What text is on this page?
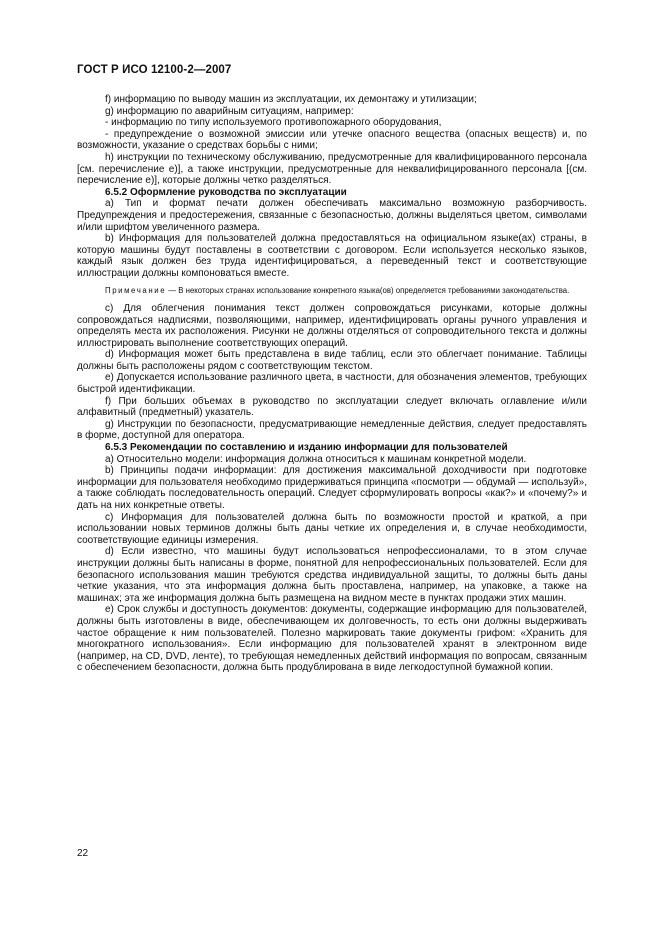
ГОСТ Р ИСО 12100-2—2007

f) информацию по выводу машин из эксплуатации, их демонтажу и утилизации;

g) информацию по аварийным ситуациям, например:

- информацию по типу используемого противопожарного оборудования,

- предупреждение о возможной эмиссии или утечке опасного вещества (опасных веществ) и, по возможности, указание о средствах борьбы с ними;

h) инструкции по техническому обслуживанию, предусмотренные для квалифицированного персонала [см. перечисление е)], а также инструкции, предусмотренные для неквалифицированного персонала [(см. перечисление е)], которые должны четко разделяться.

6.5.2 Оформление руководства по эксплуатации

a) Тип и формат печати должен обеспечивать максимально возможную разборчивость. Предупреждения и предостережения, связанные с безопасностью, должны выделяться цветом, символами и/или шрифтом увеличенного размера.

b) Информация для пользователей должна предоставляться на официальном языке(ах) страны, в которую машины будут поставлены в соответствии с договором. Если используется несколько языков, каждый язык должен без труда идентифицироваться, а переведенный текст и соответствующие иллюстрации должны компоноваться вместе.

Примечание — В некоторых странах использование конкретного языка(ов) определяется требованиями законодательства.

c) Для облегчения понимания текст должен сопровождаться рисунками, которые должны сопровождаться надписями, позволяющими, например, идентифицировать органы ручного управления и определять места их расположения. Рисунки не должны отделяться от сопроводительного текста и должны иллюстрировать выполнение соответствующих операций.

d) Информация может быть представлена в виде таблиц, если это облегчает понимание. Таблицы должны быть расположены рядом с соответствующим текстом.

e) Допускается использование различного цвета, в частности, для обозначения элементов, требующих быстрой идентификации.

f) При больших объемах в руководство по эксплуатации следует включать оглавление и/или алфавитный (предметный) указатель.

g) Инструкции по безопасности, предусматривающие немедленные действия, следует предоставлять в форме, доступной для оператора.

6.5.3 Рекомендации по составлению и изданию информации для пользователей

a) Относительно модели: информация должна относиться к машинам конкретной модели.

b) Принципы подачи информации: для достижения максимальной доходчивости при подготовке информации для пользователя необходимо придерживаться принципа «посмотри — обдумай — используй», а также соблюдать последовательность операций. Следует сформулировать вопросы «как?» и «почему?» и дать на них конкретные ответы.

c) Информация для пользователей должна быть по возможности простой и краткой, а при использовании новых терминов должны быть даны четкие их определения и, в случае необходимости, соответствующие единицы измерения.

d) Если известно, что машины будут использоваться непрофессионалами, то в этом случае инструкции должны быть написаны в форме, понятной для непрофессиональных пользователей. Если для безопасного использования машин требуются средства индивидуальной защиты, то должны быть даны четкие указания, что эта информация должна быть проставлена, например, на упаковке, а также на машинах; эта же информация должна быть размещена на видном месте в пунктах продажи этих машин.

e) Срок службы и доступность документов: документы, содержащие информацию для пользователей, должны быть изготовлены в виде, обеспечивающем их долговечность, то есть они должны выдерживать частое обращение к ним пользователей. Полезно маркировать такие документы грифом: «Хранить для многократного использования». Если информацию для пользователей хранят в электронном виде (например, на CD, DVD, ленте), то требующая немедленных действий информация по вопросам, связанным с обеспечением безопасности, должна быть продублирована в виде легкодоступной бумажной копии.

22
